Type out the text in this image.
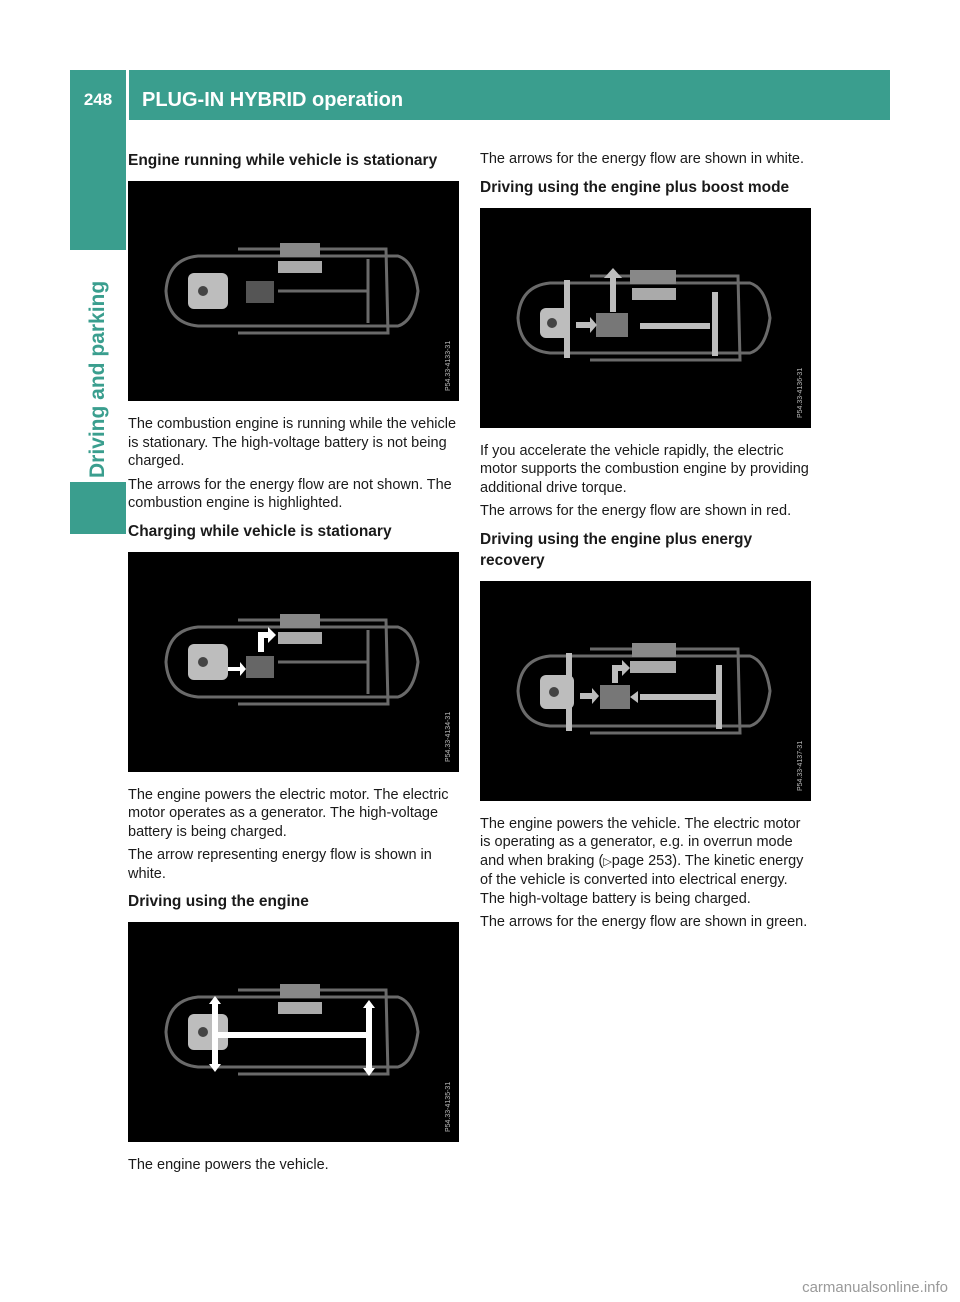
248	PLUG-IN HYBRID operation
Driving and parking
Engine running while vehicle is stationary
P54.33-4133-31

The combustion engine is running while the vehicle is stationary. The high-voltage battery is not being charged.

The arrows for the energy flow are not shown. The combustion engine is highlighted.

Charging while vehicle is stationary
P54.33-4134-31

The engine powers the electric motor. The electric motor operates as a generator. The high-voltage battery is being charged.

The arrow representing energy flow is shown in white.

Driving using the engine
P54.33-4135-31

The engine powers the vehicle.

The arrows for the energy flow are shown in white.

Driving using the engine plus boost mode
P54.33-4136-31

If you accelerate the vehicle rapidly, the electric motor supports the combustion engine by providing additional drive torque.

The arrows for the energy flow are shown in red.

Driving using the engine plus energy recovery
P54.33-4137-31

The engine powers the vehicle. The electric motor is operating as a generator, e.g. in overrun mode and when braking (▷page 253). The kinetic energy of the vehicle is converted into electrical energy. The high-voltage battery is being charged.

The arrows for the energy flow are shown in green.

carmanualsonline.info
